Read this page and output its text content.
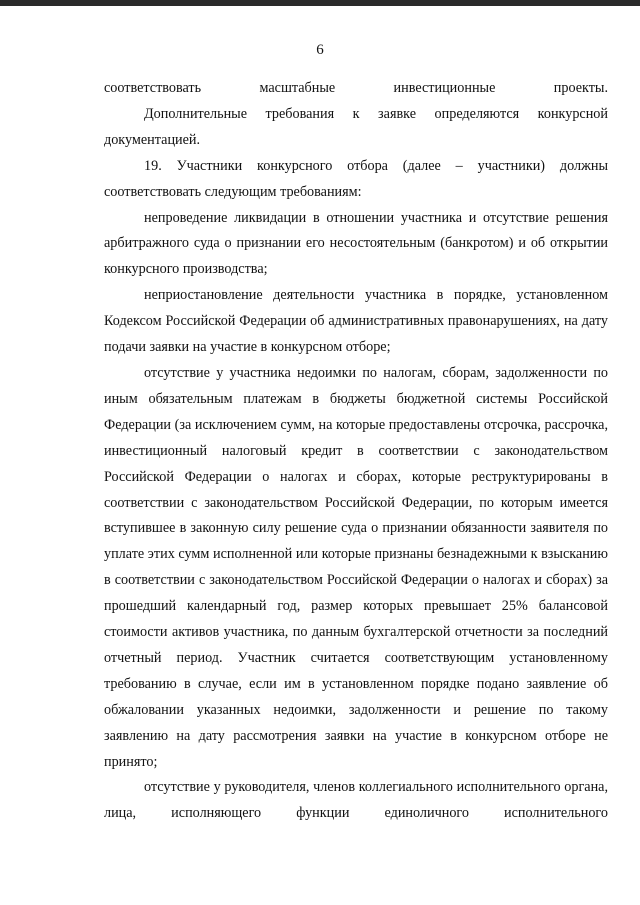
6

соответствовать масштабные инвестиционные проекты.

Дополнительные требования к заявке определяются конкурсной документацией.

19. Участники конкурсного отбора (далее – участники) должны соответствовать следующим требованиям:

непроведение ликвидации в отношении участника и отсутствие решения арбитражного суда о признании его несостоятельным (банкротом) и об открытии конкурсного производства;

неприостановление деятельности участника в порядке, установленном Кодексом Российской Федерации об административных правонарушениях, на дату подачи заявки на участие в конкурсном отборе;

отсутствие у участника недоимки по налогам, сборам, задолженности по иным обязательным платежам в бюджеты бюджетной системы Российской Федерации (за исключением сумм, на которые предоставлены отсрочка, рассрочка, инвестиционный налоговый кредит в соответствии с законодательством Российской Федерации о налогах и сборах, которые реструктурированы в соответствии с законодательством Российской Федерации, по которым имеется вступившее в законную силу решение суда о признании обязанности заявителя по уплате этих сумм исполненной или которые признаны безнадежными к взысканию в соответствии с законодательством Российской Федерации о налогах и сборах) за прошедший календарный год, размер которых превышает 25% балансовой стоимости активов участника, по данным бухгалтерской отчетности за последний отчетный период. Участник считается соответствующим установленному требованию в случае, если им в установленном порядке подано заявление об обжаловании указанных недоимки, задолженности и решение по такому заявлению на дату рассмотрения заявки на участие в конкурсном отборе не принято;

отсутствие у руководителя, членов коллегиального исполнительного органа, лица, исполняющего функции единоличного исполнительного
